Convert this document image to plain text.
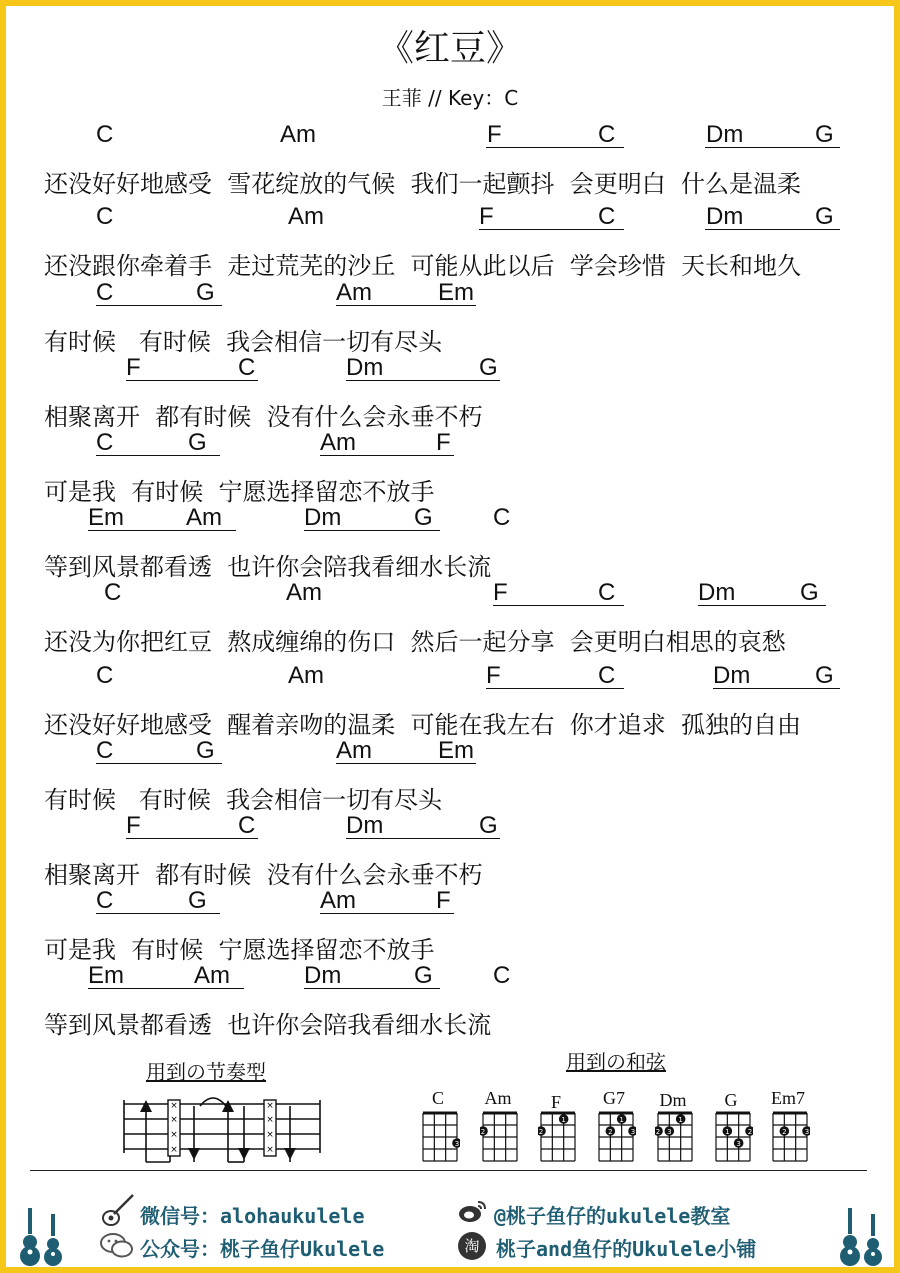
《红豆》
王菲 // Key：C
C	Am	F	C	Dm	G
还没好好地感受  雪花绽放的气候  我们一起颤抖  会更明白  什么是温柔
C	Am	F	C	Dm	G
还没跟你牵着手  走过荒芜的沙丘  可能从此以后  学会珍惜  天长和地久
C	G	Am	Em
有时候   有时候  我会相信一切有尽头
F	C	Dm	G
相聚离开  都有时候  没有什么会永垂不朽
C	G	Am	F
可是我  有时候  宁愿选择留恋不放手
Em	Am	Dm	G	C
等到风景都看透  也许你会陪我看细水长流
C	Am	F	C	Dm	G
还没为你把红豆  熬成缠绵的伤口  然后一起分享  会更明白相思的哀愁
C	Am	F	C	Dm	G
还没好好地感受  醒着亲吻的温柔  可能在我左右  你才追求  孤独的自由
C	G	Am	Em
有时候   有时候  我会相信一切有尽头
F	C	Dm	G
相聚离开  都有时候  没有什么会永垂不朽
C	G	Am	F
可是我  有时候  宁愿选择留恋不放手
Em	Am	Dm	G	C
等到风景都看透  也许你会陪我看细水长流
用到の节奏型
×
×
×
×
×
×
×
×
用到の和弦
C
3
Am
2
F
2
1
G7
2
1
3
Dm
2 3
1
G
1
3
2
Em7
2	3
微信号：alohaukulele	@桃子鱼仔的ukulele教室
公众号：桃子鱼仔Ukulele	淘 桃子and鱼仔的Ukulele小铺
